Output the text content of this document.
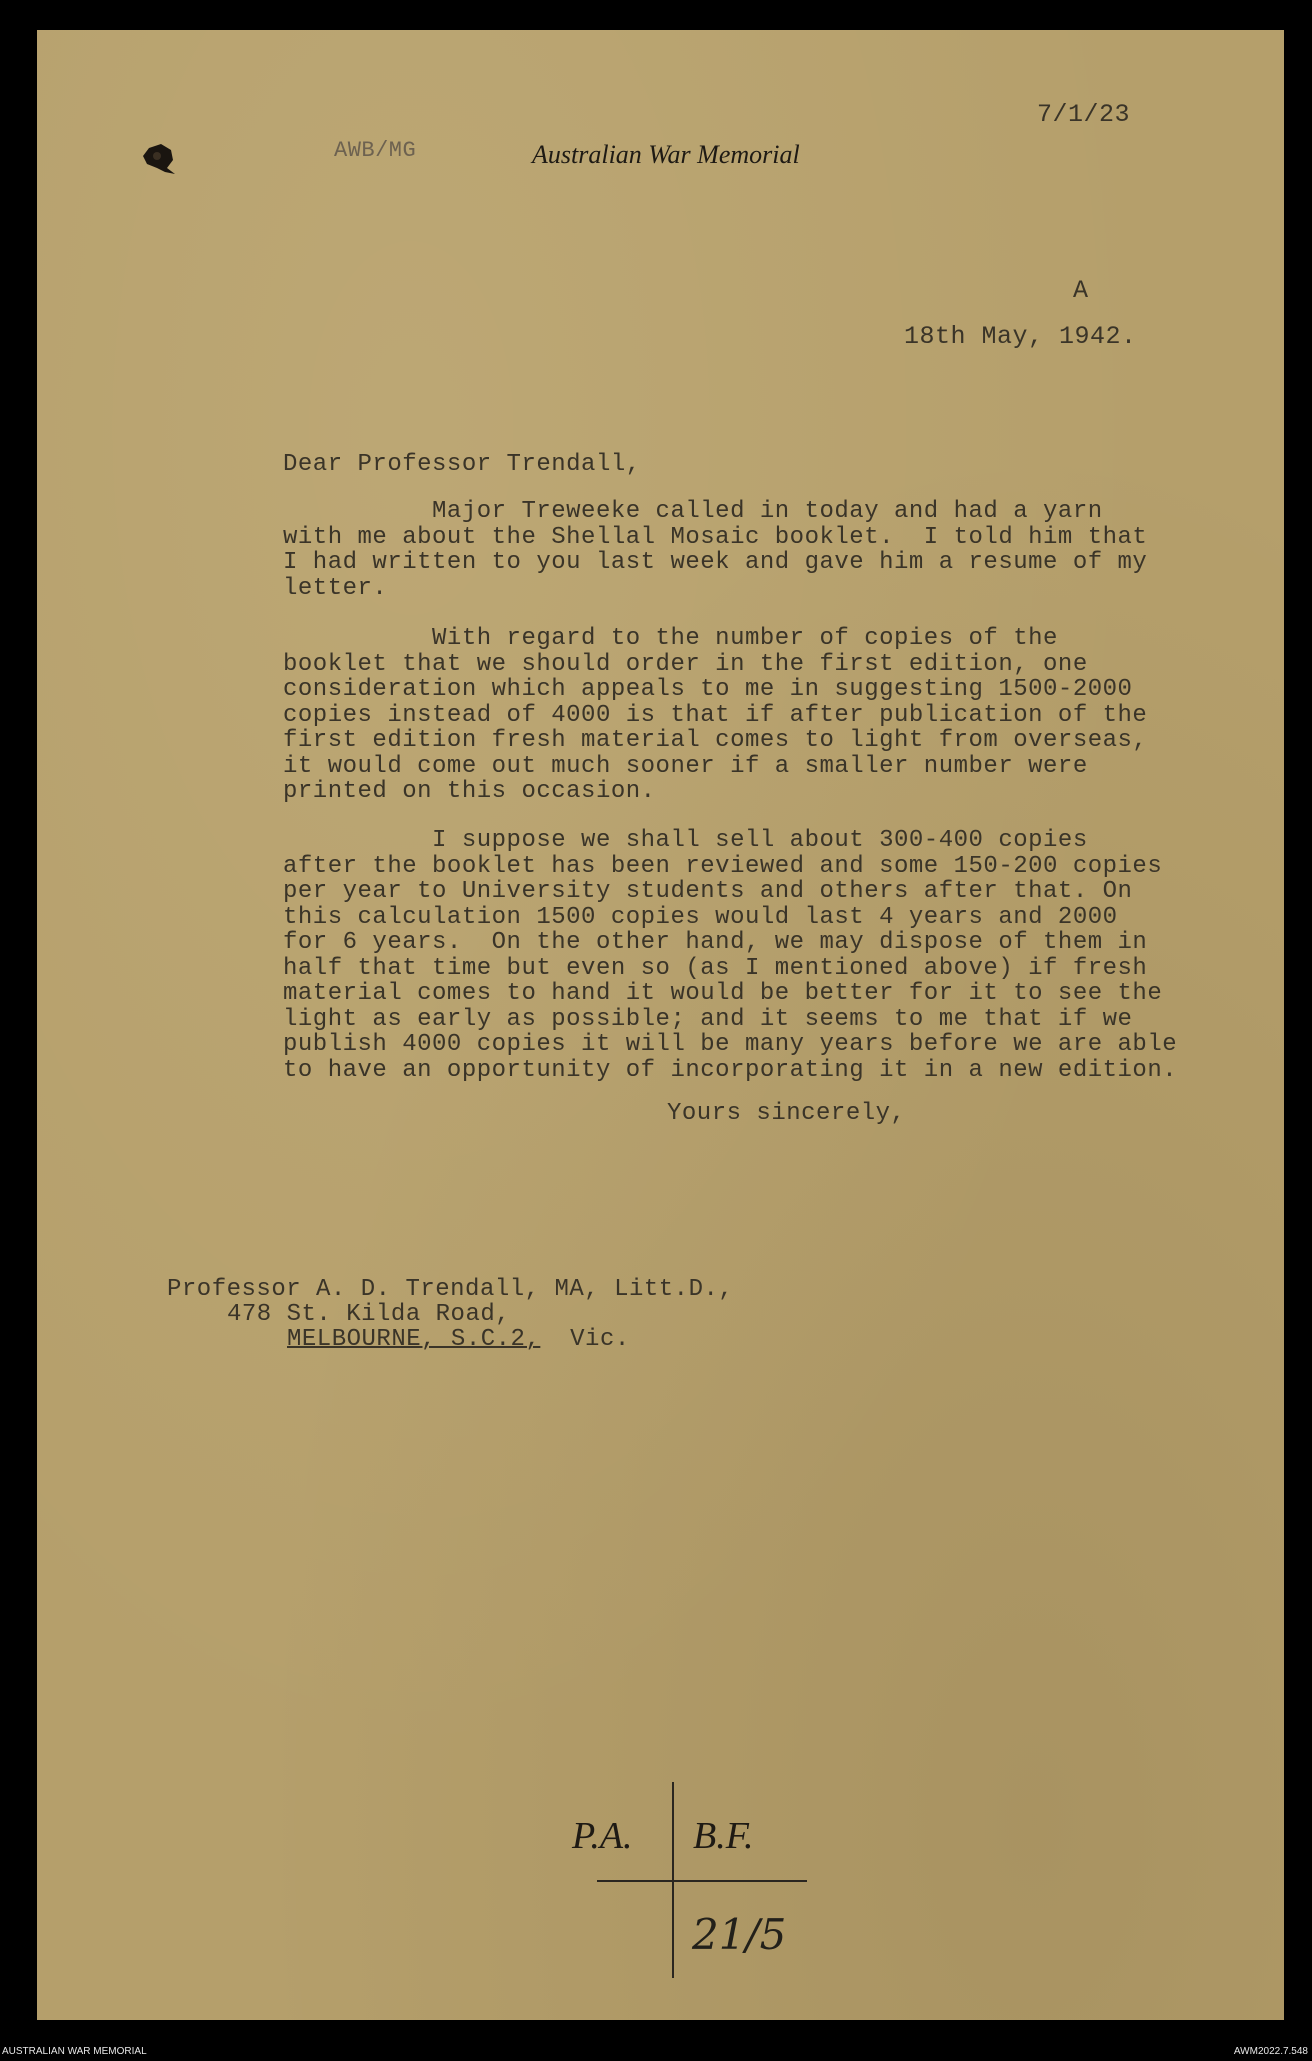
AWB/MG	Australian War Memorial
7/1/23
A
18th May, 1942.
Dear Professor Trendall,
Major Treweeke called in today and had a yarn
with me about the Shellal Mosaic booklet.  I told him that
I had written to you last week and gave him a resume of my
letter.
With regard to the number of copies of the
booklet that we should order in the first edition, one
consideration which appeals to me in suggesting 1500-2000
copies instead of 4000 is that if after publication of the
first edition fresh material comes to light from overseas,
it would come out much sooner if a smaller number were
printed on this occasion.
I suppose we shall sell about 300-400 copies
after the booklet has been reviewed and some 150-200 copies
per year to University students and others after that. On
this calculation 1500 copies would last 4 years and 2000
for 6 years.  On the other hand, we may dispose of them in
half that time but even so (as I mentioned above) if fresh
material comes to hand it would be better for it to see the
light as early as possible; and it seems to me that if we
publish 4000 copies it will be many years before we are able
to have an opportunity of incorporating it in a new edition.
Yours sincerely,
Professor A. D. Trendall, MA, Litt.D.,
478 St. Kilda Road,
MELBOURNE, S.C.2, Vic.
P.A. B.F.
21/5
AUSTRALIAN WAR MEMORIAL	AWM2022.7.548
